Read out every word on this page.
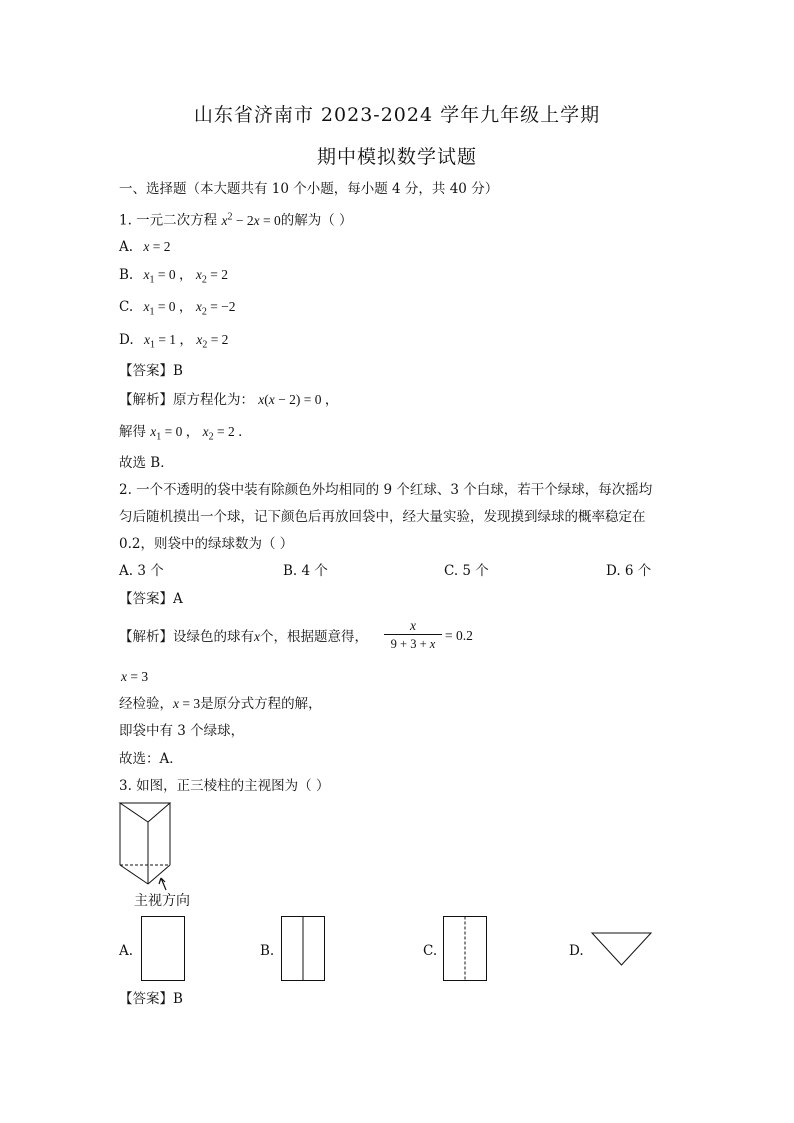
山东省济南市 2023-2024 学年九年级上学期
期中模拟数学试题
一、选择题（本大题共有 10 个小题，每小题 4 分，共 40 分）
1. 一元二次方程 $x^2 - 2x = 0$的解为（ ）
A. x = 2
B. $x_1 = 0$ ， $x_2 = 2$
C. $x_1 = 0$ ， $x_2 = -2$
D. $x_1 = 1$ ， $x_2 = 2$
【答案】B
【解析】原方程化为： x(x − 2) = 0 ，
解得 $x_1 = 0$ ， $x_2 = 2$ ．
故选 B．
2. 一个不透明的袋中装有除颜色外均相同的 9 个红球、3 个白球，若干个绿球，每次摇均
匀后随机摸出一个球，记下颜色后再放回袋中，经大量实验，发现摸到绿球的概率稳定在
0.2，则袋中的绿球数为（ ）
A. 3 个	B. 4 个	C. 5 个	D. 6 个
【答案】A
【解析】设绿色的球有x个，根据题意得， $\frac{x}{9 + 3 + x} = 0.2$
x = 3
经检验，x = 3是原分式方程的解，
即袋中有 3 个绿球，
故选：A．
3. 如图，正三棱柱的主视图为（ ）
主视方向
A.	B.	C.	D.
【答案】B
